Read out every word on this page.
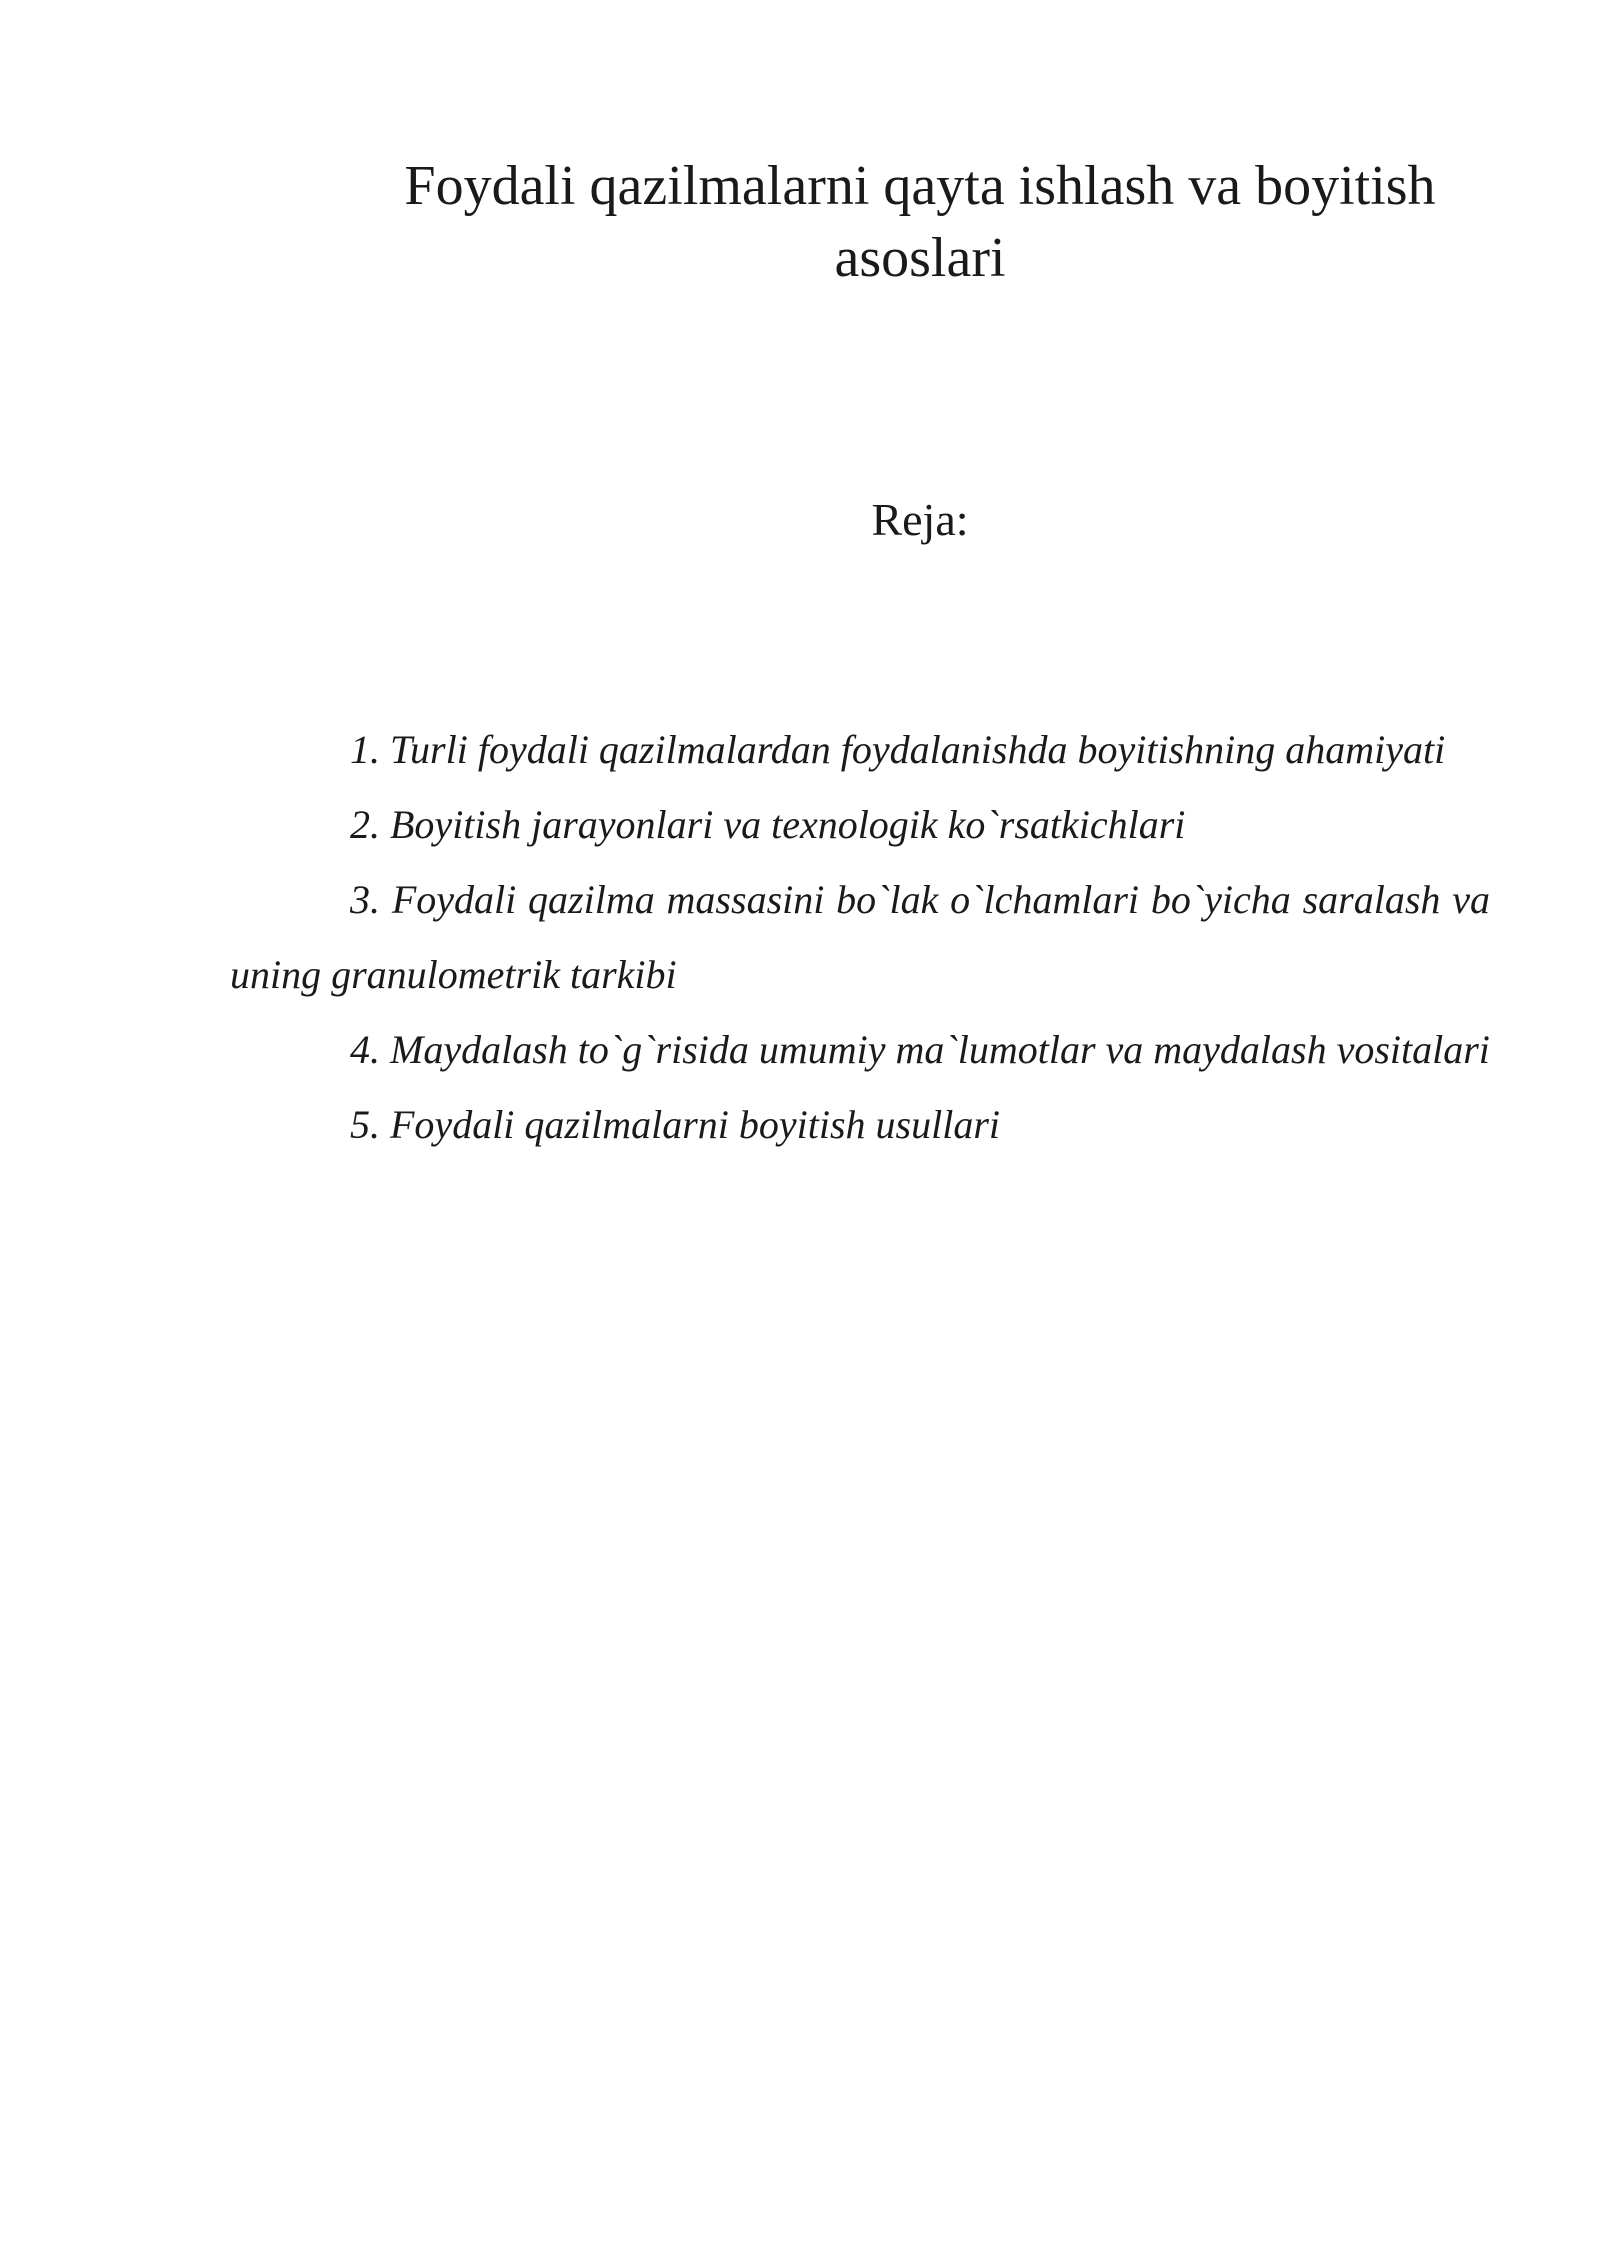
Foydali qazilmalarni qayta ishlash va boyitish
asoslari
Reja:
1. Turli foydali qazilmalardan foydalanishda boyitishning ahamiyati
2. Boyitish jarayonlari va texnologik ko`rsatkichlari
3. Foydali qazilma massasini bo`lak o`lchamlari bo`yicha saralash va uning granulometrik tarkibi
4. Maydalash to`g`risida umumiy ma`lumotlar va maydalash vositalari
5. Foydali qazilmalarni boyitish usullari
